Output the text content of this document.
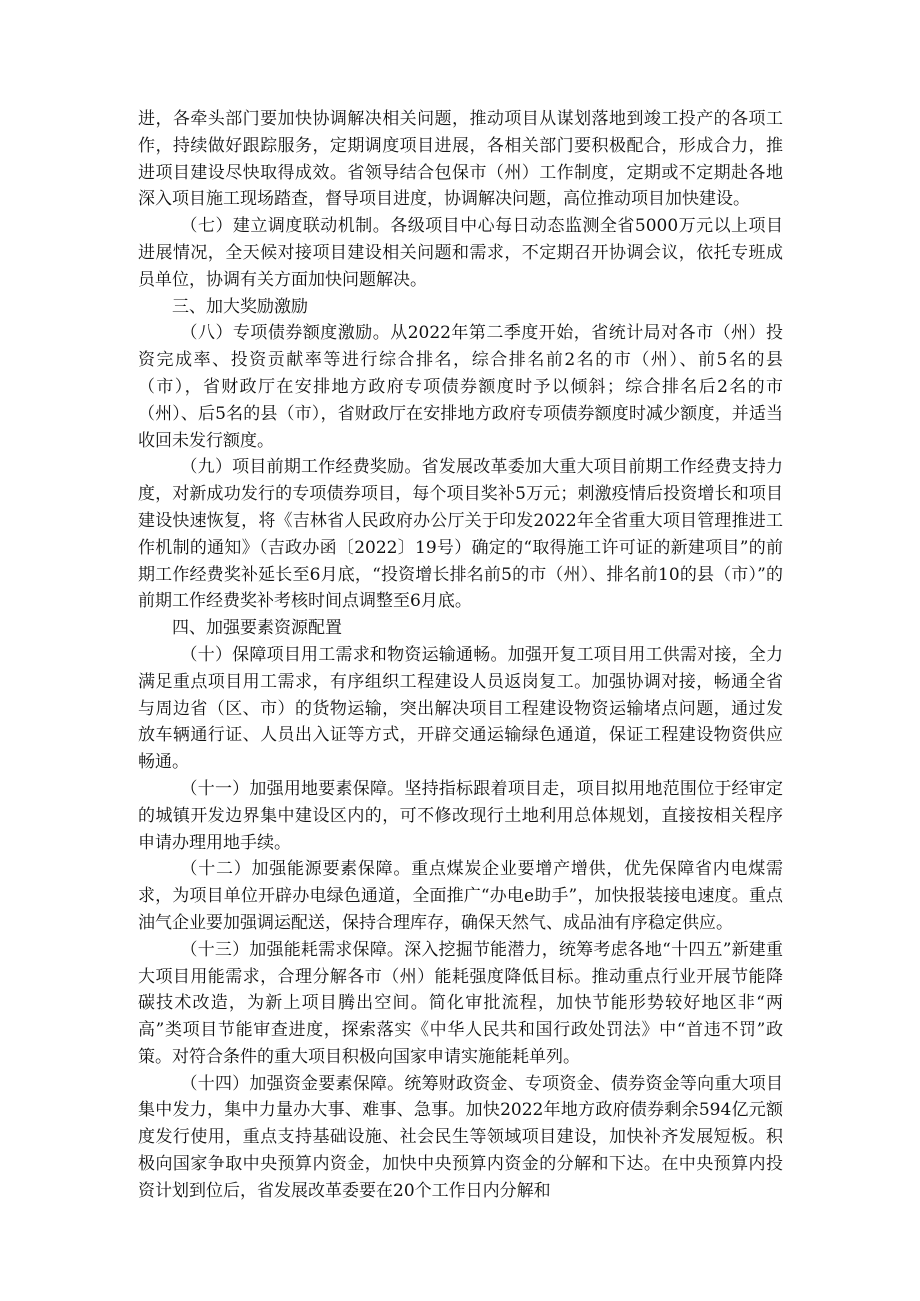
进，各牵头部门要加快协调解决相关问题，推动项目从谋划落地到竣工投产的各项工作，持续做好跟踪服务，定期调度项目进展，各相关部门要积极配合，形成合力，推进项目建设尽快取得成效。省领导结合包保市（州）工作制度，定期或不定期赴各地深入项目施工现场踏查，督导项目进度，协调解决问题，高位推动项目加快建设。

（七）建立调度联动机制。各级项目中心每日动态监测全省5000万元以上项目进展情况，全天候对接项目建设相关问题和需求，不定期召开协调会议，依托专班成员单位，协调有关方面加快问题解决。

三、加大奖励激励

（八）专项债券额度激励。从2022年第二季度开始，省统计局对各市（州）投资完成率、投资贡献率等进行综合排名，综合排名前2名的市（州）、前5名的县（市），省财政厅在安排地方政府专项债券额度时予以倾斜；综合排名后2名的市（州）、后5名的县（市），省财政厅在安排地方政府专项债券额度时减少额度，并适当收回未发行额度。

（九）项目前期工作经费奖励。省发展改革委加大重大项目前期工作经费支持力度，对新成功发行的专项债券项目，每个项目奖补5万元；刺激疫情后投资增长和项目建设快速恢复，将《吉林省人民政府办公厅关于印发2022年全省重大项目管理推进工作机制的通知》（吉政办函〔2022〕19号）确定的“取得施工许可证的新建项目”的前期工作经费奖补延长至6月底，“投资增长排名前5的市（州）、排名前10的县（市）”的前期工作经费奖补考核时间点调整至6月底。

四、加强要素资源配置

（十）保障项目用工需求和物资运输通畅。加强开复工项目用工供需对接，全力满足重点项目用工需求，有序组织工程建设人员返岗复工。加强协调对接，畅通全省与周边省（区、市）的货物运输，突出解决项目工程建设物资运输堵点问题，通过发放车辆通行证、人员出入证等方式，开辟交通运输绿色通道，保证工程建设物资供应畅通。

（十一）加强用地要素保障。坚持指标跟着项目走，项目拟用地范围位于经审定的城镇开发边界集中建设区内的，可不修改现行土地利用总体规划，直接按相关程序申请办理用地手续。

（十二）加强能源要素保障。重点煤炭企业要增产增供，优先保障省内电煤需求，为项目单位开辟办电绿色通道，全面推广“办电e助手”，加快报装接电速度。重点油气企业要加强调运配送，保持合理库存，确保天然气、成品油有序稳定供应。

（十三）加强能耗需求保障。深入挖掘节能潜力，统筹考虑各地“十四五”新建重大项目用能需求，合理分解各市（州）能耗强度降低目标。推动重点行业开展节能降碳技术改造，为新上项目腾出空间。简化审批流程，加快节能形势较好地区非“两高”类项目节能审查进度，探索落实《中华人民共和国行政处罚法》中“首违不罚”政策。对符合条件的重大项目积极向国家申请实施能耗单列。

（十四）加强资金要素保障。统筹财政资金、专项资金、债券资金等向重大项目集中发力，集中力量办大事、难事、急事。加快2022年地方政府债券剩余594亿元额度发行使用，重点支持基础设施、社会民生等领域项目建设，加快补齐发展短板。积极向国家争取中央预算内资金，加快中央预算内资金的分解和下达。在中央预算内投资计划到位后，省发展改革委要在20个工作日内分解和
